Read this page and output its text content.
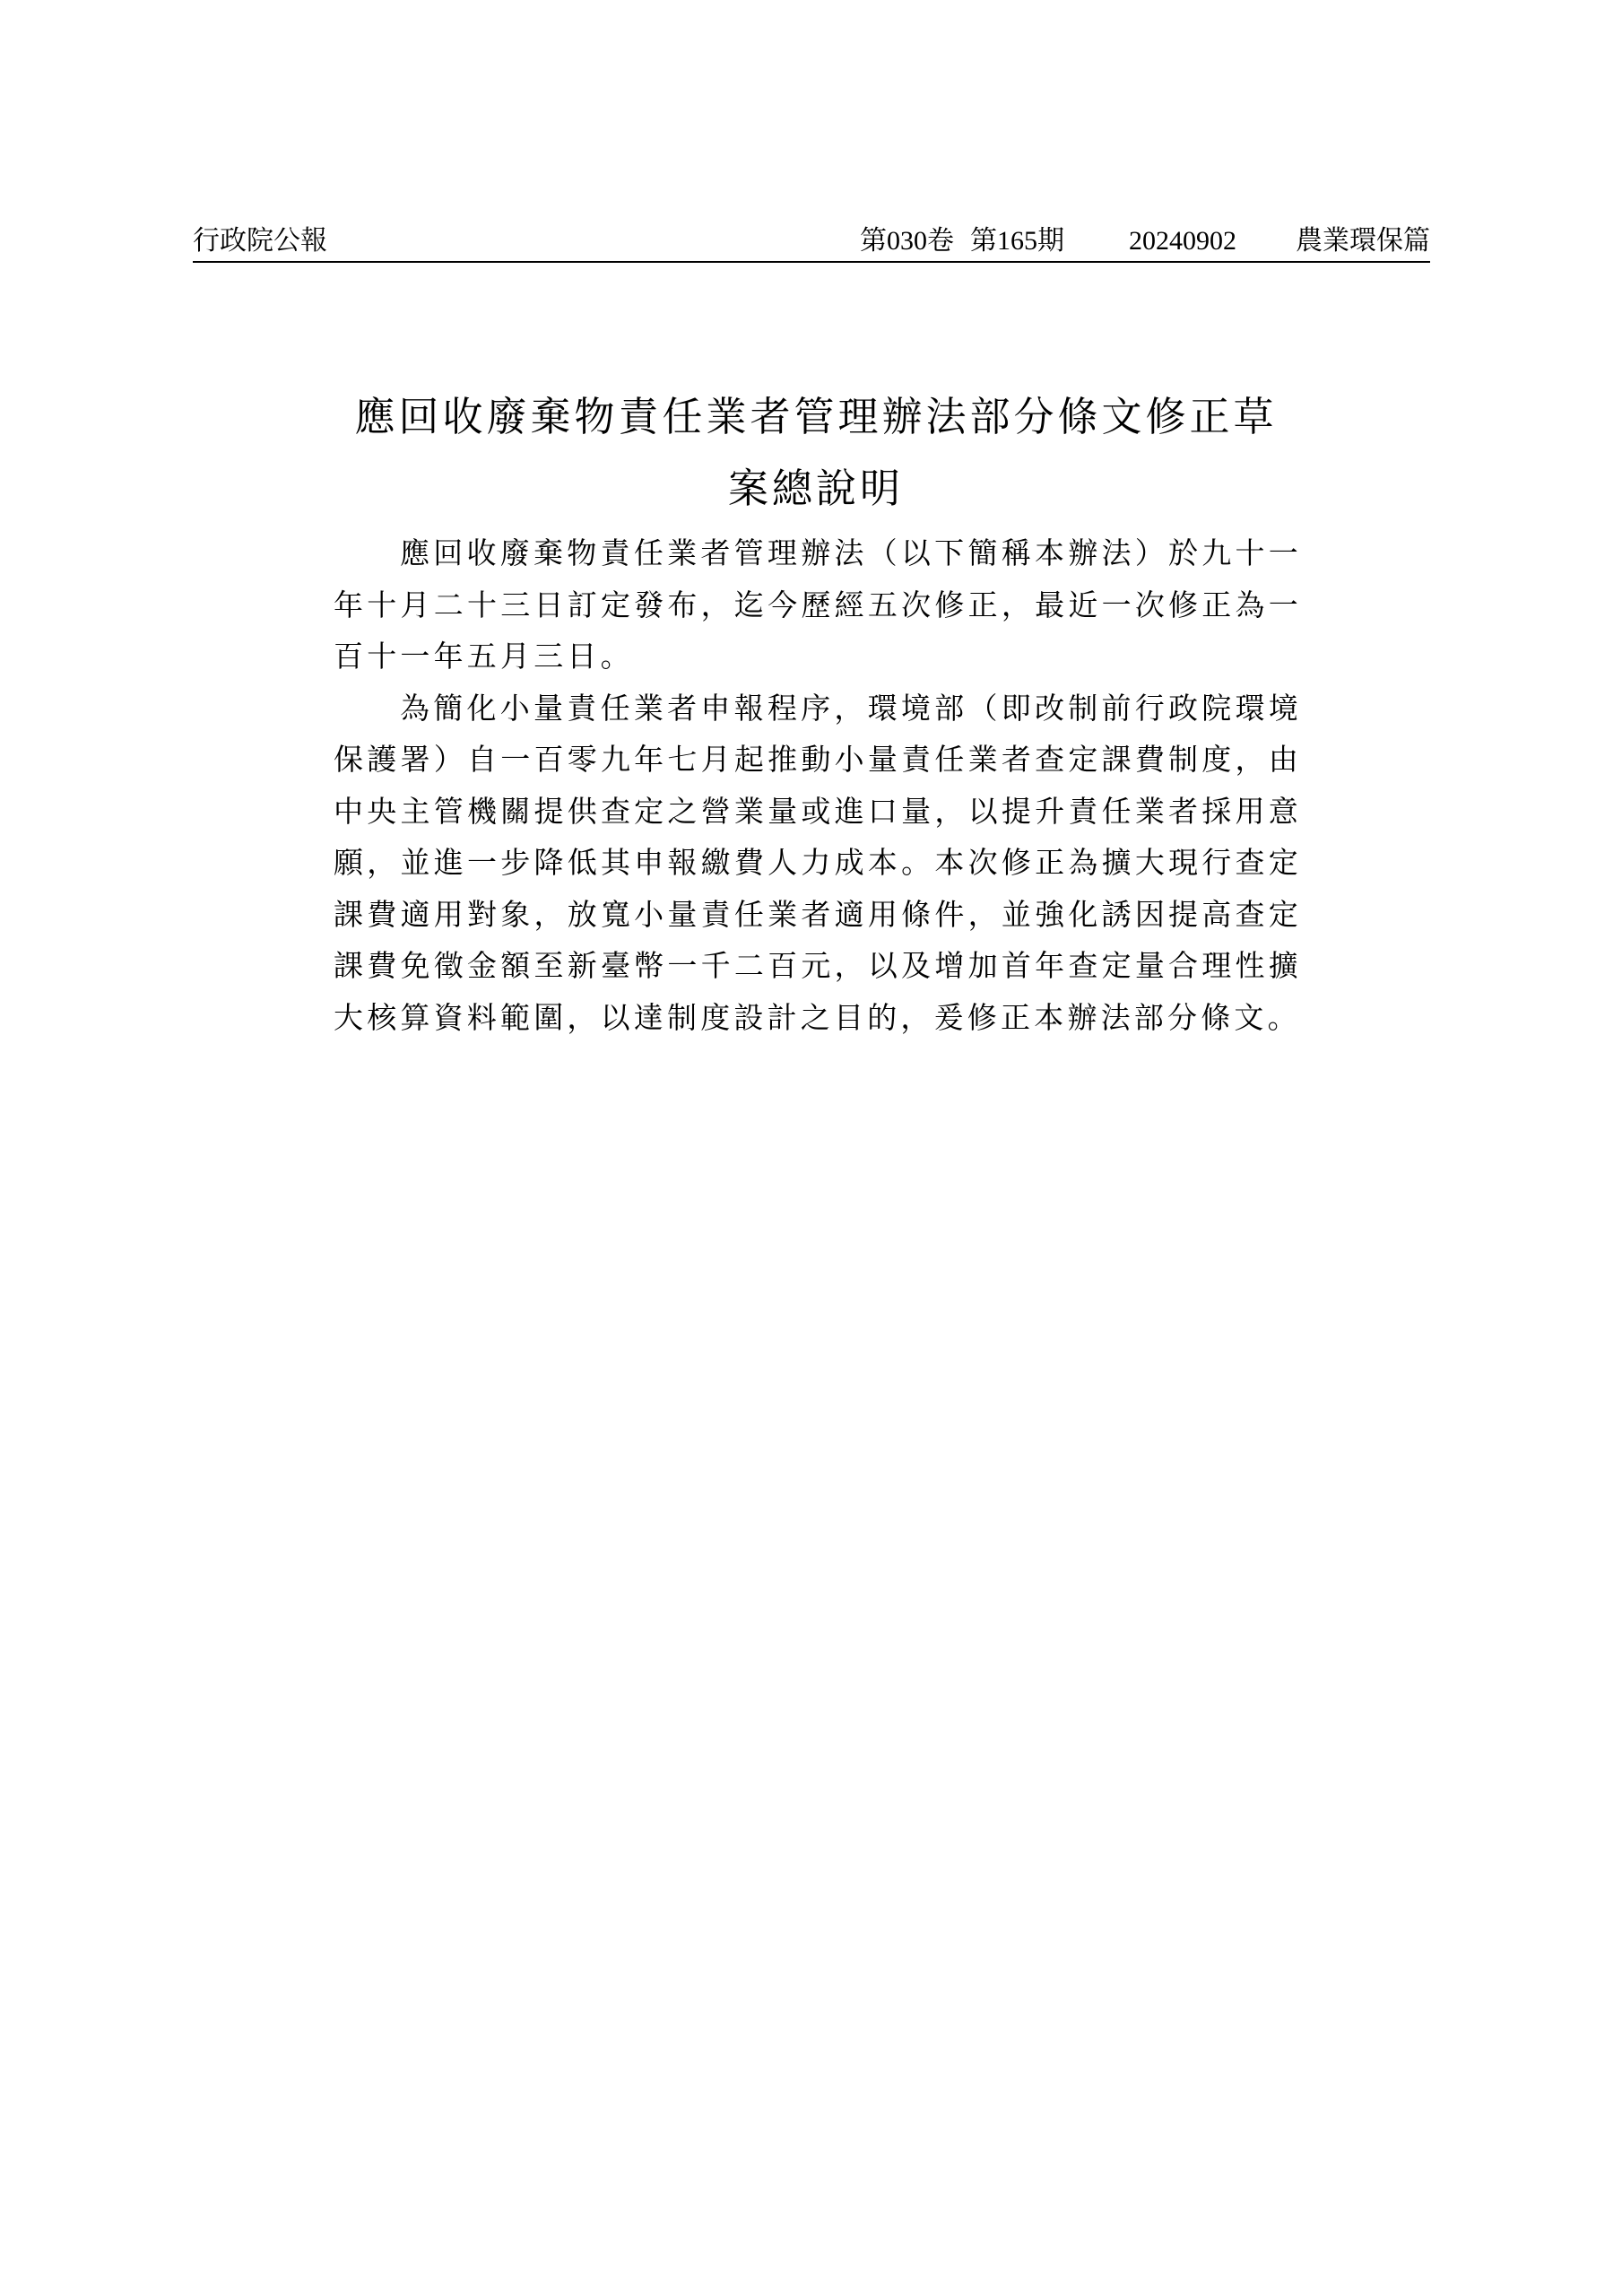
行政院公報	第030卷 第165期 20240902 農業環保篇
應回收廢棄物責任業者管理辦法部分條文修正草
案總說明

應回收廢棄物責任業者管理辦法（以下簡稱本辦法）於九十一年十月二十三日訂定發布，迄今歷經五次修正，最近一次修正為一百十一年五月三日。

為簡化小量責任業者申報程序，環境部（即改制前行政院環境保護署）自一百零九年七月起推動小量責任業者查定課費制度，由中央主管機關提供查定之營業量或進口量，以提升責任業者採用意願，並進一步降低其申報繳費人力成本。本次修正為擴大現行查定課費適用對象，放寬小量責任業者適用條件，並強化誘因提高查定課費免徵金額至新臺幣一千二百元，以及增加首年查定量合理性擴大核算資料範圍，以達制度設計之目的，爰修正本辦法部分條文。
